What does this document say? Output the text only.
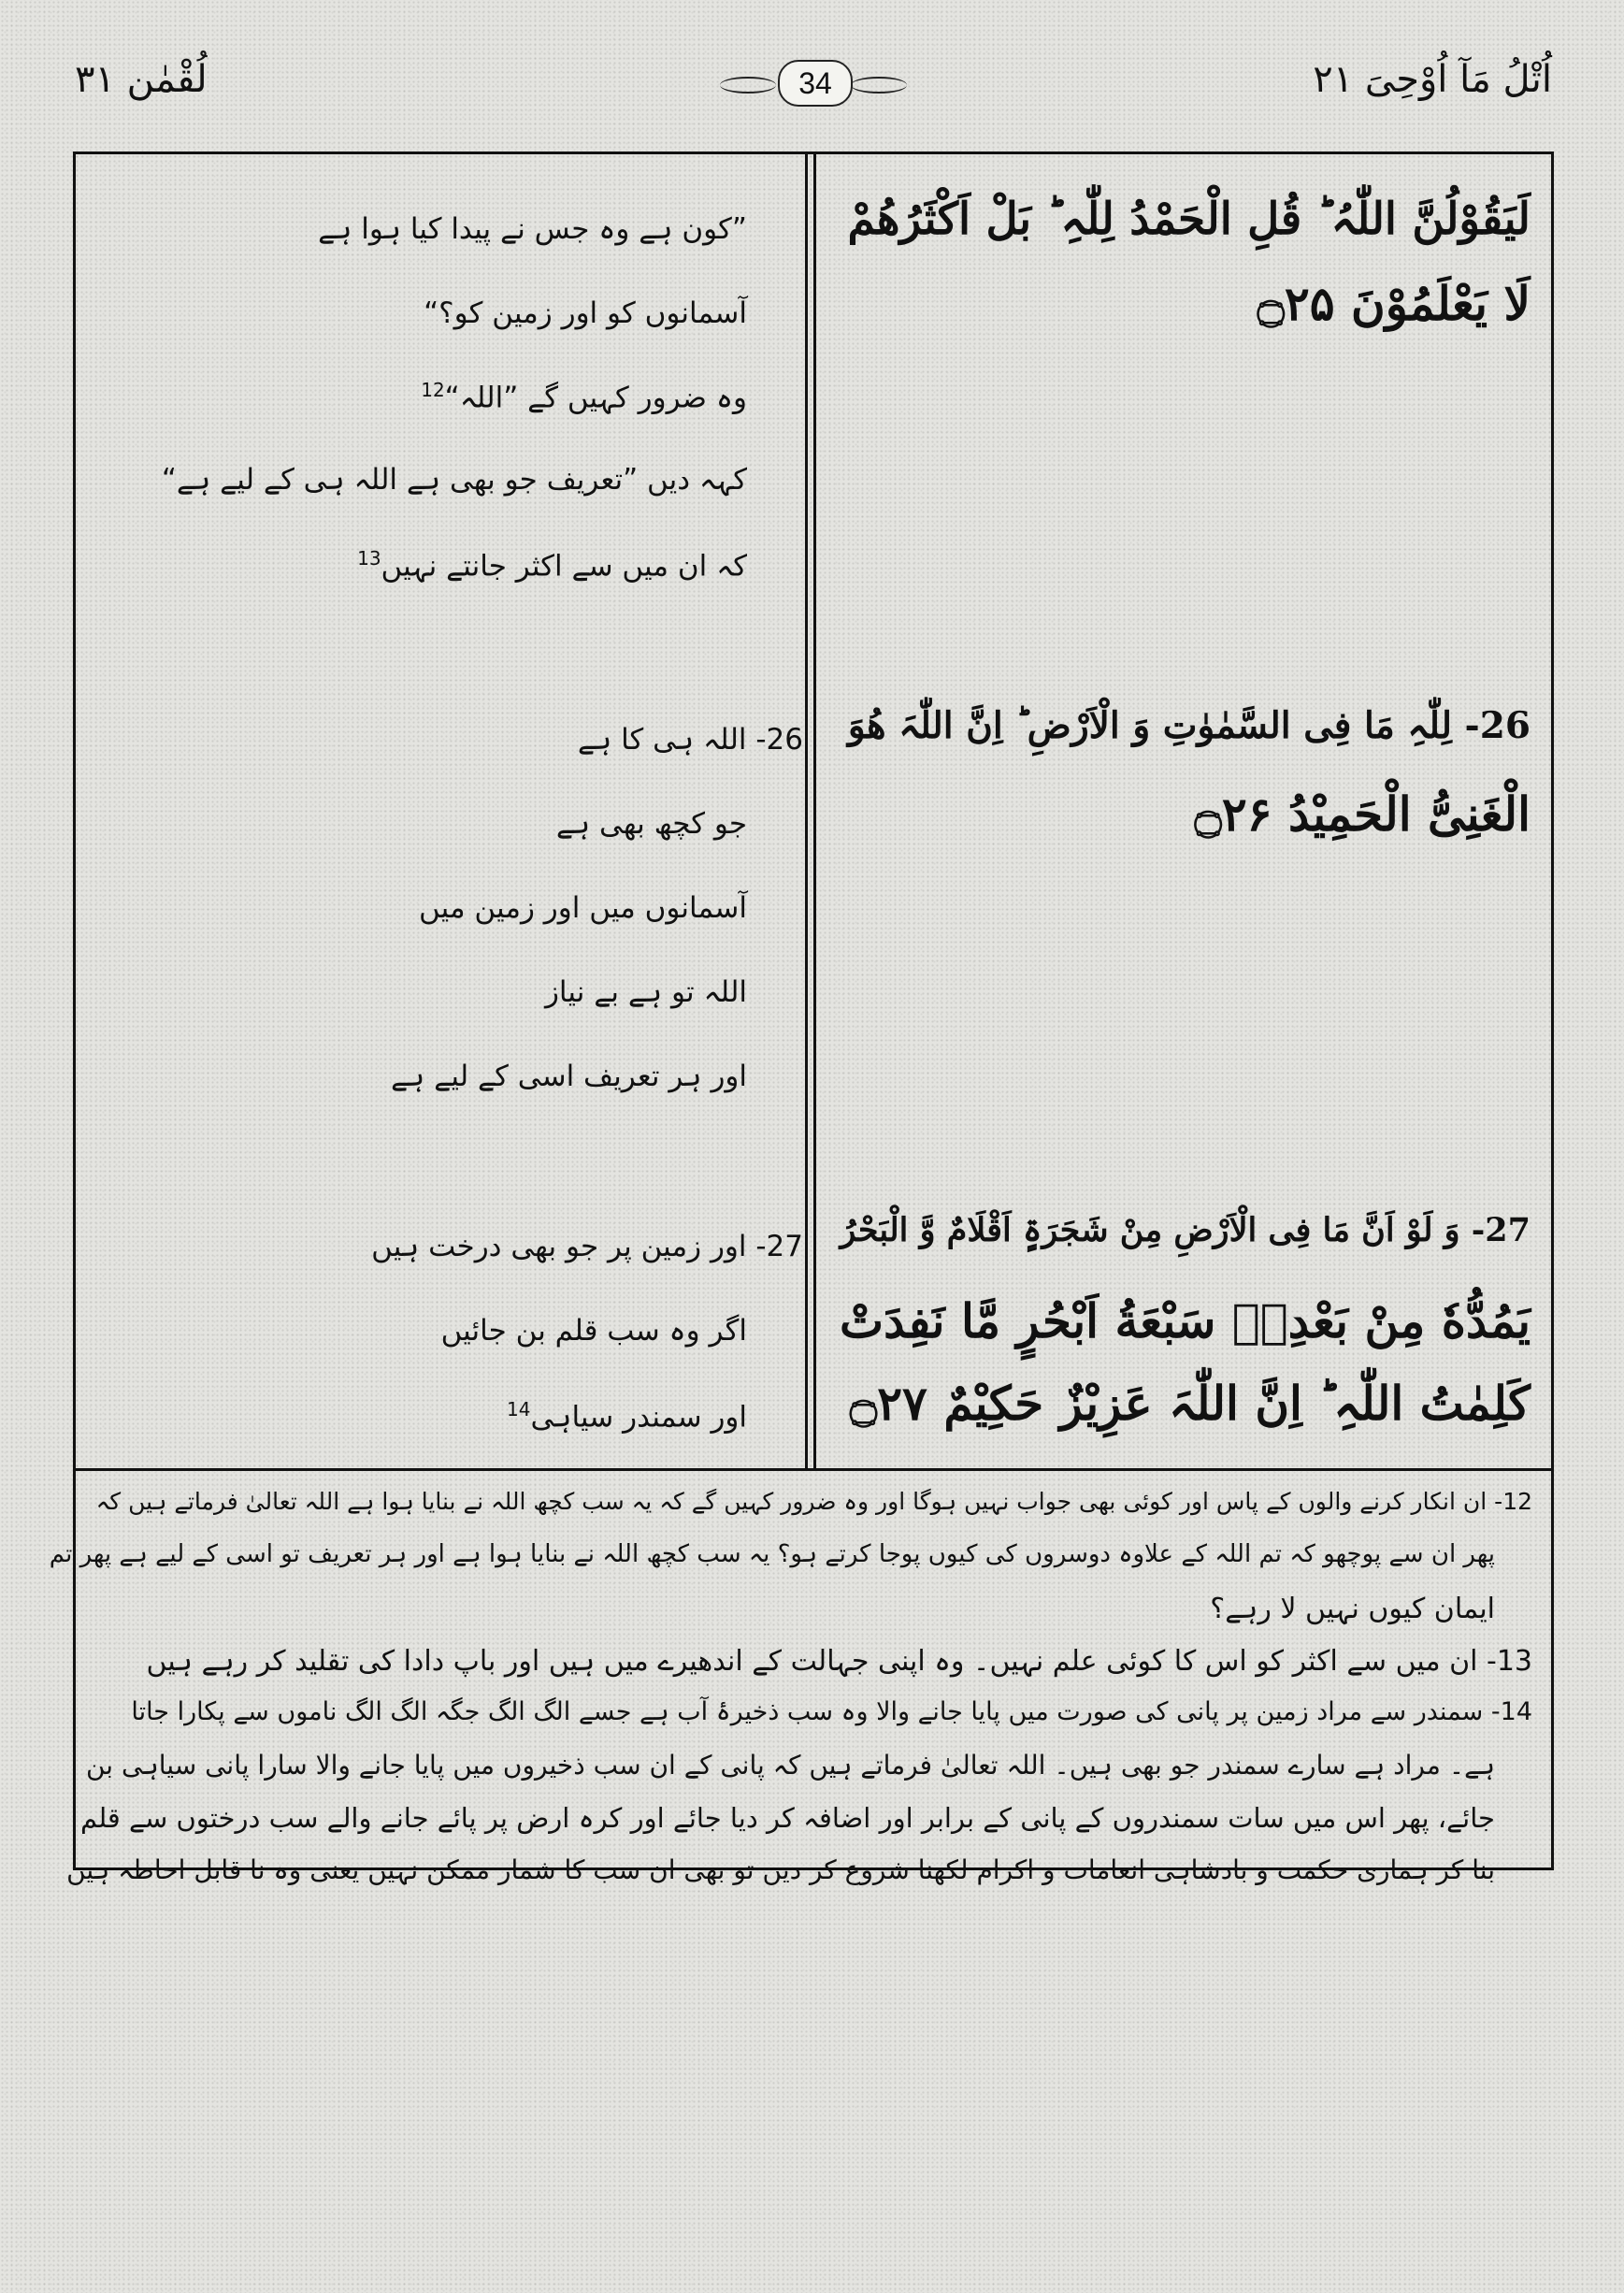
اُتْلُ مَآ اُوْحِیَ ۲۱
34
لُقْمٰن ۳۱
لَیَقُوْلُنَّ اللّٰہُ ؕ قُلِ الْحَمْدُ لِلّٰہِ ؕ بَلْ اَكْثَرُهُمْ
لَا یَعْلَمُوْنَ ۝۲۵
26- لِلّٰہِ مَا فِی السَّمٰوٰتِ وَ الْاَرْضِ ؕ اِنَّ اللّٰہَ ھُوَ
الْغَنِیُّ الْحَمِیْدُ ۝۲۶
27- وَ لَوْ اَنَّ مَا فِی الْاَرْضِ مِنْ شَجَرَۃٍ اَقْلَامٌ وَّ الْبَحْرُ
یَمُدُّهٗ مِنْ بَعْدِهٖ سَبْعَةُ اَبْحُرٍ مَّا نَفِدَتْ
كَلِمٰتُ اللّٰہِ ؕ اِنَّ اللّٰہَ عَزِیْزٌ حَكِیْمٌ ۝۲۷
”کون ہے وہ جس نے پیدا کیا ہوا ہے
آسمانوں کو اور زمین کو؟“
وہ ضرور کہیں گے ”اللہ“$^{12}$
کہہ دیں ”تعریف جو بھی ہے اللہ ہی کے لیے ہے“
کہ ان میں سے اکثر جانتے نہیں$^{13}$
26- اللہ ہی کا ہے
جو کچھ بھی ہے
آسمانوں میں اور زمین میں
اللہ تو ہے بے نیاز
اور ہر تعریف اسی کے لیے ہے
27- اور زمین پر جو بھی درخت ہیں
اگر وہ سب قلم بن جائیں
اور سمندر سیاہی$^{14}$
12- ان انکار کرنے والوں کے پاس اور کوئی بھی جواب نہیں ہوگا اور وہ ضرور کہیں گے کہ یہ سب کچھ اللہ نے بنایا ہوا ہے اللہ تعالیٰ فرماتے ہیں کہ
پھر ان سے پوچھو کہ تم اللہ کے علاوہ دوسروں کی کیوں پوجا کرتے ہو؟ یہ سب کچھ اللہ نے بنایا ہوا ہے اور ہر تعریف تو اسی کے لیے ہے پھر تم
ایمان کیوں نہیں لا رہے؟
13- ان میں سے اکثر کو اس کا کوئی علم نہیں۔ وہ اپنی جہالت کے اندھیرے میں ہیں اور باپ دادا کی تقلید کر رہے ہیں
14- سمندر سے مراد زمین پر پانی کی صورت میں پایا جانے والا وہ سب ذخیرۂ آب ہے جسے الگ الگ جگہ الگ الگ ناموں سے پکارا جاتا
ہے۔ مراد ہے سارے سمندر جو بھی ہیں۔ اللہ تعالیٰ فرماتے ہیں کہ پانی کے ان سب ذخیروں میں پایا جانے والا سارا پانی سیاہی بن
جائے، پھر اس میں سات سمندروں کے پانی کے برابر اور اضافہ کر دیا جائے اور کرہ ارض پر پائے جانے والے سب درختوں سے قلم
بنا کر ہماری حکمت و بادشاہی انعامات و اکرام لکھنا شروع کر دیں تو بھی ان سب کا شمار ممکن نہیں یعنی وہ نا قابل احاطہ ہیں
